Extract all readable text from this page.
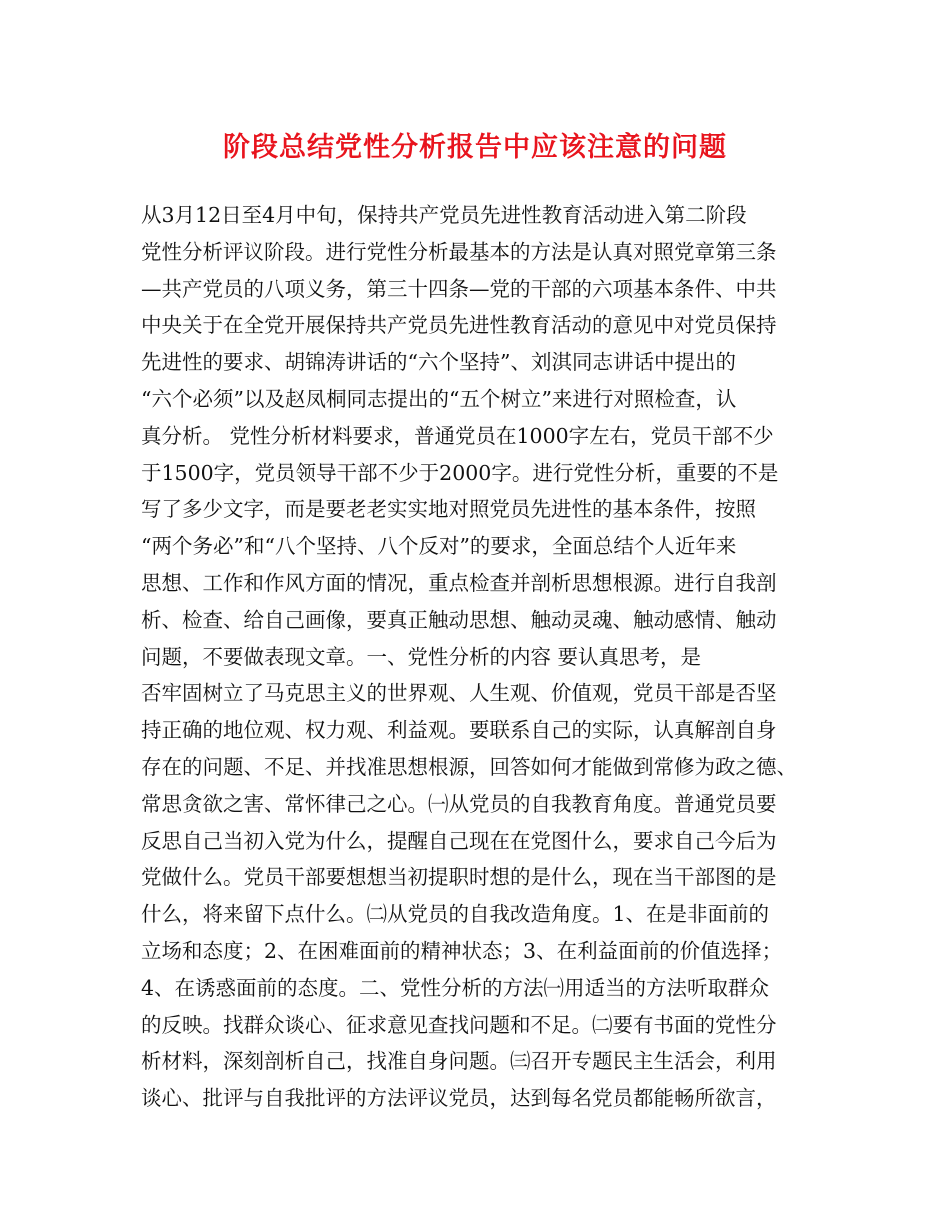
阶段总结党性分析报告中应该注意的问题
从3月12日至4月中旬，保持共产党员先进性教育活动进入第二阶段
党性分析评议阶段。进行党性分析最基本的方法是认真对照党章第三条
—共产党员的八项义务，第三十四条—党的干部的六项基本条件、中共
中央关于在全党开展保持共产党员先进性教育活动的意见中对党员保持
先进性的要求、胡锦涛讲话的“六个坚持”、刘淇同志讲话中提出的
“六个必须”以及赵凤桐同志提出的“五个树立”来进行对照检查，认
真分析。 党性分析材料要求，普通党员在1000字左右，党员干部不少
于1500字，党员领导干部不少于2000字。进行党性分析，重要的不是
写了多少文字，而是要老老实实地对照党员先进性的基本条件，按照
“两个务必”和“八个坚持、八个反对”的要求，全面总结个人近年来
思想、工作和作风方面的情况，重点检查并剖析思想根源。进行自我剖
析、检查、给自己画像，要真正触动思想、触动灵魂、触动感情、触动
问题，不要做表现文章。一、党性分析的内容 要认真思考，是
否牢固树立了马克思主义的世界观、人生观、价值观，党员干部是否坚
持正确的地位观、权力观、利益观。要联系自己的实际，认真解剖自身
存在的问题、不足、并找准思想根源，回答如何才能做到常修为政之德、
常思贪欲之害、常怀律己之心。㈠从党员的自我教育角度。普通党员要
反思自己当初入党为什么，提醒自己现在在党图什么，要求自己今后为
党做什么。党员干部要想想当初提职时想的是什么，现在当干部图的是
什么，将来留下点什么。㈡从党员的自我改造角度。1、在是非面前的
立场和态度；2、在困难面前的精神状态；3、在利益面前的价值选择；
4、在诱惑面前的态度。二、党性分析的方法㈠用适当的方法听取群众
的反映。找群众谈心、征求意见查找问题和不足。㈡要有书面的党性分
析材料，深刻剖析自己，找准自身问题。㈢召开专题民主生活会，利用
谈心、批评与自我批评的方法评议党员，达到每名党员都能畅所欲言，
